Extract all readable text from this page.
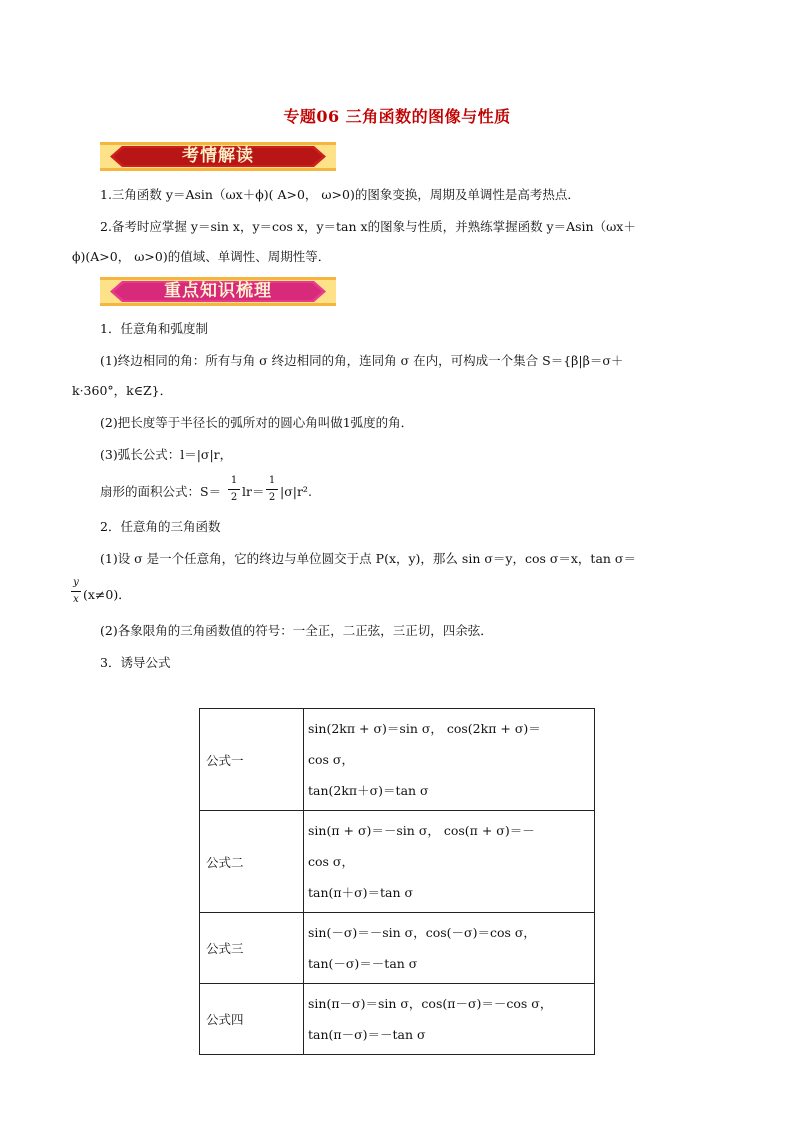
专题06 三角函数的图像与性质
考情解读
1.三角函数 y＝Asin（ωx＋ϕ)( A>0， ω>0)的图象变换，周期及单调性是高考热点．
2.备考时应掌握 y＝sin x，y＝cos x，y＝tan x的图象与性质，并熟练掌握函数 y＝Asin（ωx＋
ϕ)(A>0， ω>0)的值域、单调性、周期性等．
重点知识梳理
1．任意角和弧度制
(1)终边相同的角：所有与角 σ 终边相同的角，连同角 σ 在内，可构成一个集合 S＝{β|β＝σ＋
k·360°，k∈Z}．
(2)把长度等于半径长的弧所对的圆心角叫做1弧度的角．
(3)弧长公式：l＝|σ|r，
扇形的面积公式：S＝
1
2 lr＝
1
2 |σ|r².
2．任意角的三角函数
(1)设 σ 是一个任意角，它的终边与单位圆交于点 P(x，y)，那么 sin σ＝y，cos σ＝x，tan σ＝
y
x (x≠0)．
(2)各象限角的三角函数值的符号：一全正，二正弦，三正切，四余弦．
3．诱导公式
公式一	sin(2kπ + σ)＝sin σ， cos(2kπ + σ)＝
cos σ，
tan(2kπ＋σ)＝tan σ

公式二	sin(π + σ)＝－sin σ， cos(π + σ)＝－
cos σ，
tan(π＋σ)＝tan σ

公式三	sin(－σ)＝－sin σ，cos(－σ)＝cos σ，
tan(－σ)＝－tan σ

公式四	sin(π－σ)＝sin σ，cos(π－σ)＝－cos σ，
tan(π－σ)＝－tan σ
